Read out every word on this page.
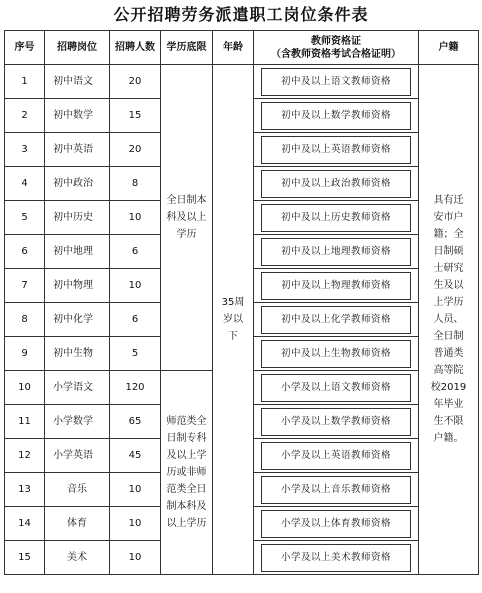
公开招聘劳务派遣职工岗位条件表
序号	招聘岗位	招聘人数	学历底限	年龄	教师资格证
（含教师资格考试合格证明）	户籍
1	初中语文	20	全日制本科及以上学历	35周岁以下	初中及以上语文教师资格	具有迁安市户籍；全日制硕士研究生及以上学历人员、全日制普通类高等院校2019年毕业生不限户籍。
2	初中数学	15			初中及以上数学教师资格	

3	初中英语	20			初中及以上英语教师资格	

4	初中政治	8			初中及以上政治教师资格	

5	初中历史	10			初中及以上历史教师资格	

6	初中地理	6			初中及以上地理教师资格	

7	初中物理	10			初中及以上物理教师资格	

8	初中化学	6			初中及以上化学教师资格	

9	初中生物	5			初中及以上生物教师资格	

10	小学语文	120	师范类全日制专科及以上学历或非师范类全日制本科及以上学历		小学及以上语文教师资格	

11	小学数学	65			小学及以上数学教师资格	

12	小学英语	45			小学及以上英语教师资格	

13	音乐	10			小学及以上音乐教师资格	

14	体育	10			小学及以上体育教师资格	

15	美术	10			小学及以上美术教师资格	
